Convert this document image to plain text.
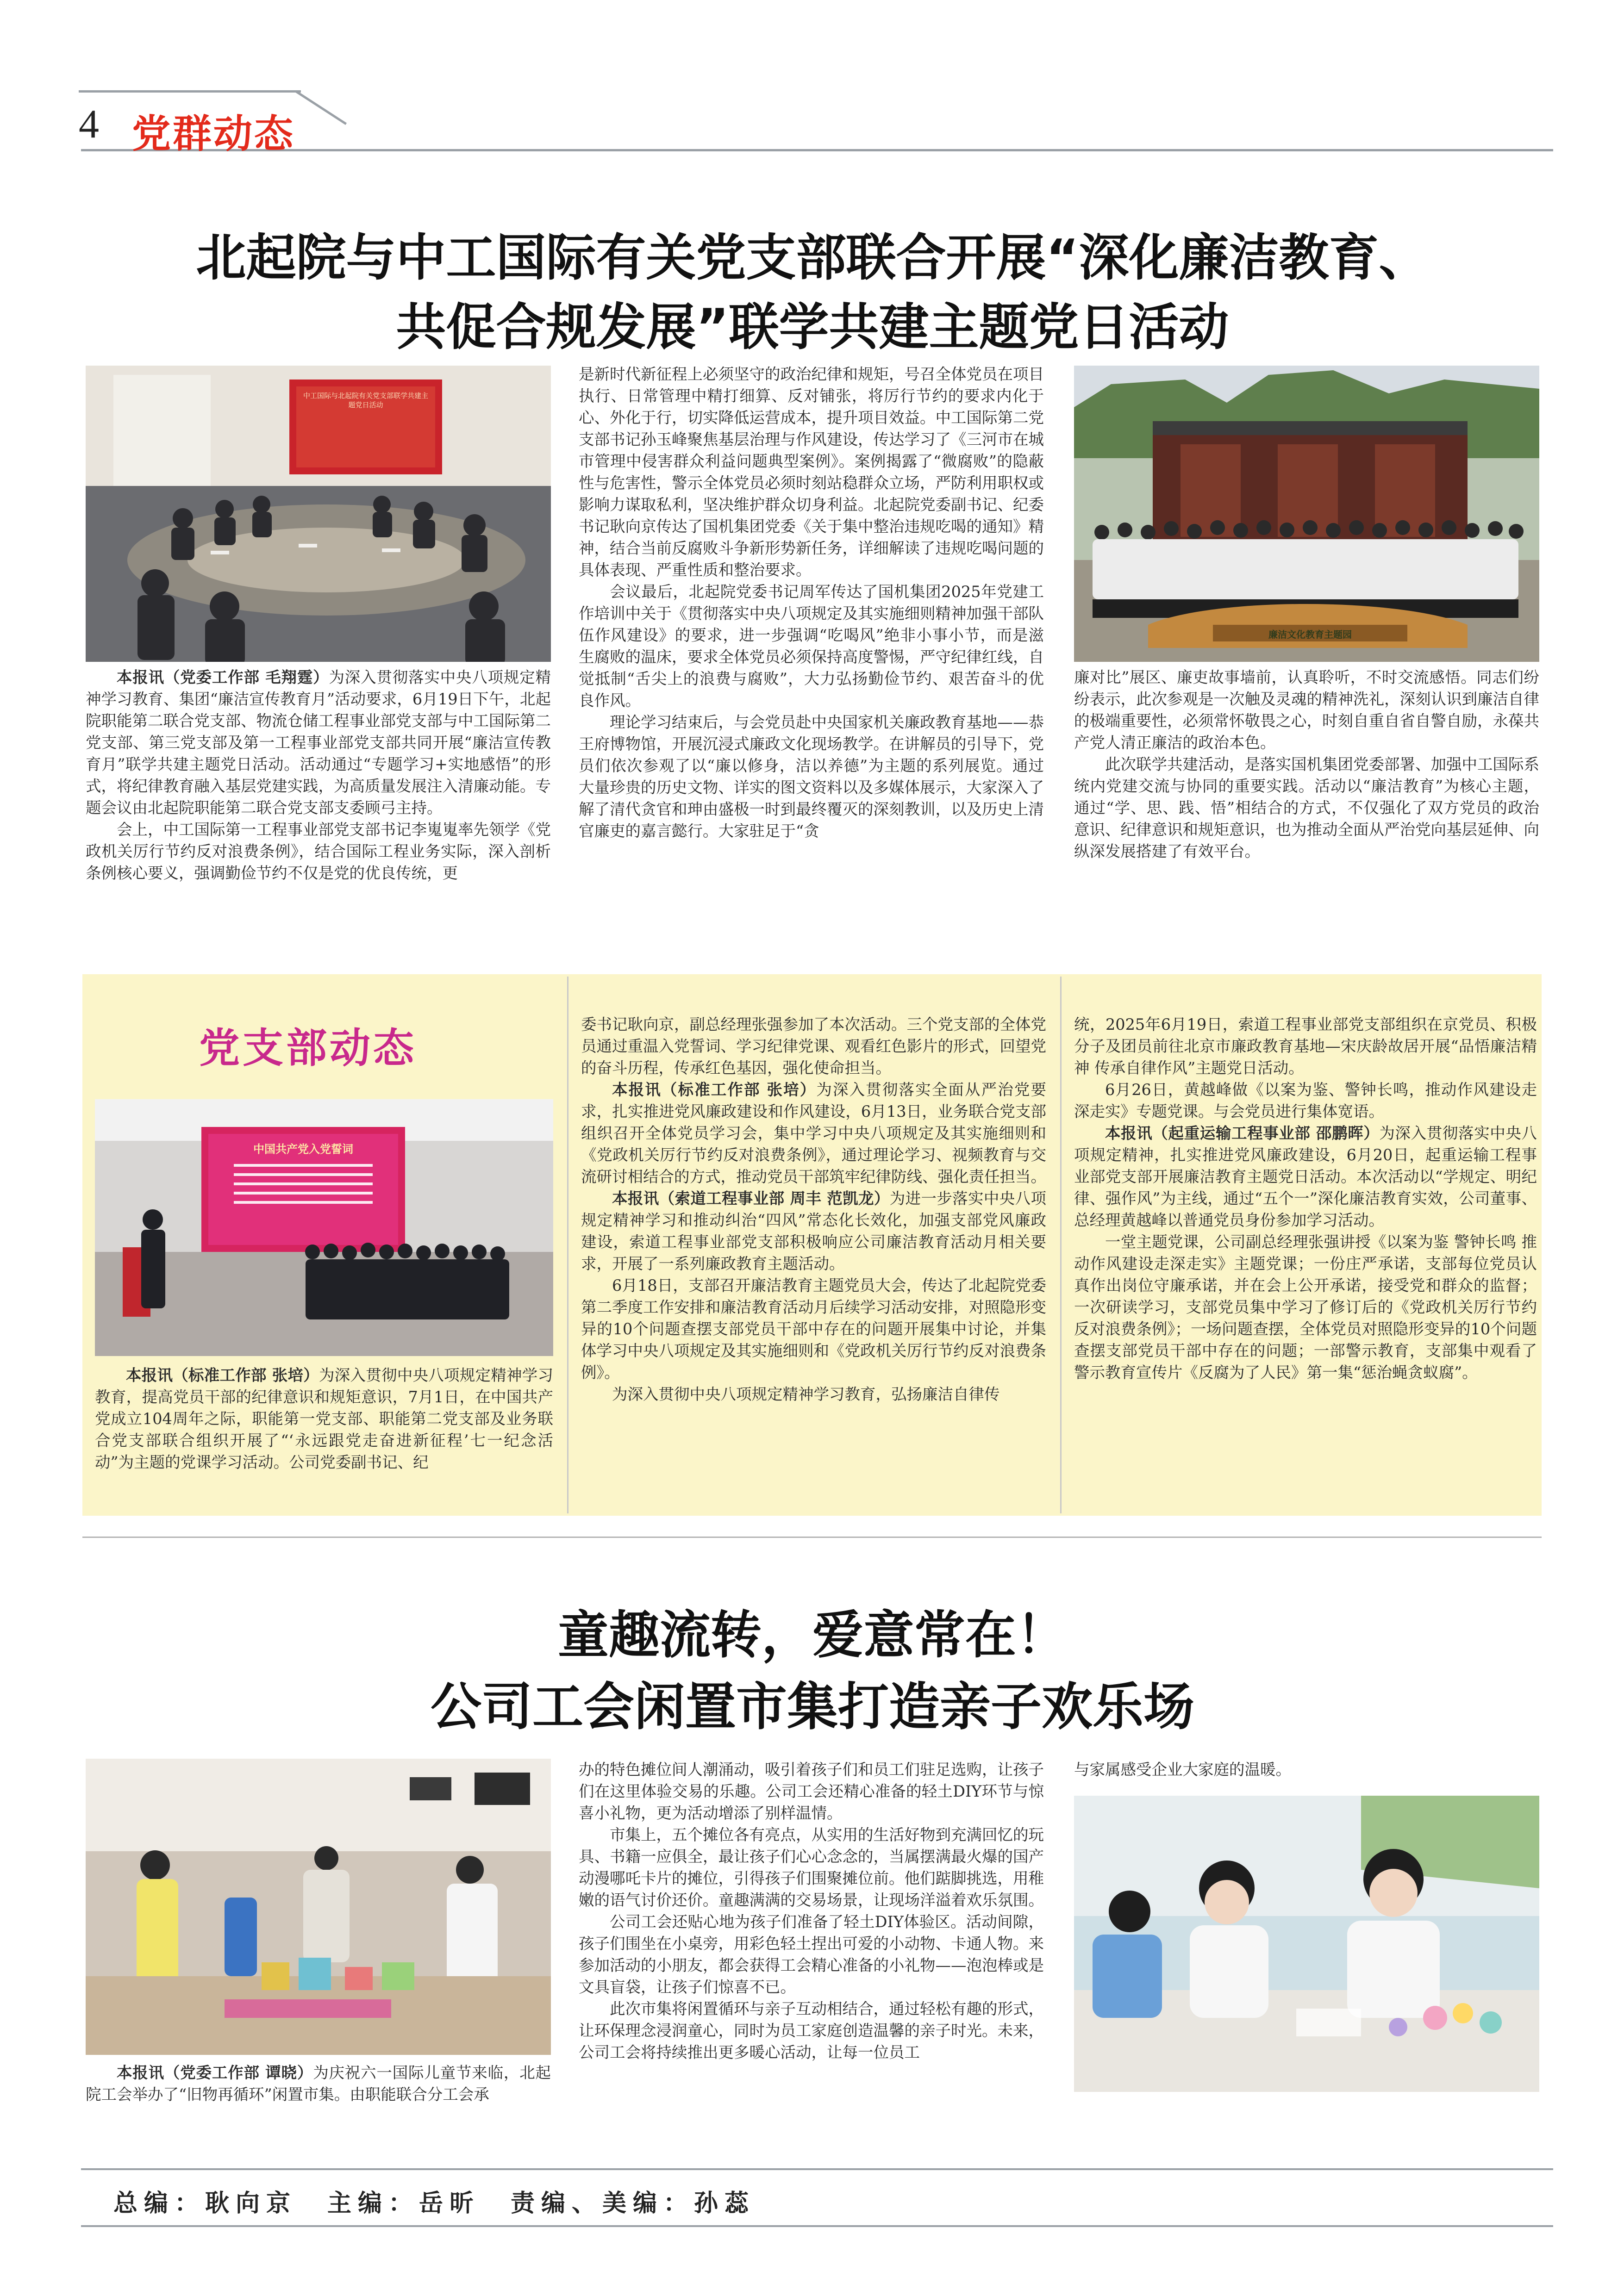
4 党群动态
北起院与中工国际有关党支部联合开展“深化廉洁教育、
共促合规发展”联学共建主题党日活动
中工国际与北起院有关党支部联学共建主题党日活动

本报讯（党委工作部 毛翔霆）为深入贯彻落实中央八项规定精神学习教育、集团“廉洁宣传教育月”活动要求，6月19日下午，北起院职能第二联合党支部、物流仓储工程事业部党支部与中工国际第二党支部、第三党支部及第一工程事业部党支部共同开展“廉洁宣传教育月”联学共建主题党日活动。活动通过“专题学习+实地感悟”的形式，将纪律教育融入基层党建实践，为高质量发展注入清廉动能。专题会议由北起院职能第二联合党支部支委顾弓主持。

会上，中工国际第一工程事业部党支部书记李嵬嵬率先领学《党政机关厉行节约反对浪费条例》，结合国际工程业务实际，深入剖析条例核心要义，强调勤俭节约不仅是党的优良传统，更

是新时代新征程上必须坚守的政治纪律和规矩，号召全体党员在项目执行、日常管理中精打细算、反对铺张，将厉行节约的要求内化于心、外化于行，切实降低运营成本，提升项目效益。中工国际第二党支部书记孙玉峰聚焦基层治理与作风建设，传达学习了《三河市在城市管理中侵害群众利益问题典型案例》。案例揭露了“微腐败”的隐蔽性与危害性，警示全体党员必须时刻站稳群众立场，严防利用职权或影响力谋取私利，坚决维护群众切身利益。北起院党委副书记、纪委书记耿向京传达了国机集团党委《关于集中整治违规吃喝的通知》精神，结合当前反腐败斗争新形势新任务，详细解读了违规吃喝问题的具体表现、严重性质和整治要求。

会议最后，北起院党委书记周军传达了国机集团2025年党建工作培训中关于《贯彻落实中央八项规定及其实施细则精神加强干部队伍作风建设》的要求，进一步强调“吃喝风”绝非小事小节，而是滋生腐败的温床，要求全体党员必须保持高度警惕，严守纪律红线，自觉抵制“舌尖上的浪费与腐败”，大力弘扬勤俭节约、艰苦奋斗的优良作风。

理论学习结束后，与会党员赴中央国家机关廉政教育基地——恭王府博物馆，开展沉浸式廉政文化现场教学。在讲解员的引导下，党员们依次参观了以“廉以修身，洁以养德”为主题的系列展览。通过大量珍贵的历史文物、详实的图文资料以及多媒体展示，大家深入了解了清代贪官和珅由盛极一时到最终覆灭的深刻教训，以及历史上清官廉吏的嘉言懿行。大家驻足于“贪

廉洁文化教育主题园

廉对比”展区、廉吏故事墙前，认真聆听，不时交流感悟。同志们纷纷表示，此次参观是一次触及灵魂的精神洗礼，深刻认识到廉洁自律的极端重要性，必须常怀敬畏之心，时刻自重自省自警自励，永葆共产党人清正廉洁的政治本色。

此次联学共建活动，是落实国机集团党委部署、加强中工国际系统内党建交流与协同的重要实践。活动以“廉洁教育”为核心主题，通过“学、思、践、悟”相结合的方式，不仅强化了双方党员的政治意识、纪律意识和规矩意识，也为推动全面从严治党向基层延伸、向纵深发展搭建了有效平台。

党支部动态
中国共产党入党誓词

本报讯（标准工作部 张培）为深入贯彻中央八项规定精神学习教育，提高党员干部的纪律意识和规矩意识，7月1日，在中国共产党成立104周年之际，职能第一党支部、职能第二党支部及业务联合党支部联合组织开展了“‘永远跟党走奋进新征程’七一纪念活动”为主题的党课学习活动。公司党委副书记、纪

委书记耿向京，副总经理张强参加了本次活动。三个党支部的全体党员通过重温入党誓词、学习纪律党课、观看红色影片的形式，回望党的奋斗历程，传承红色基因，强化使命担当。

本报讯（标准工作部 张培）为深入贯彻落实全面从严治党要求，扎实推进党风廉政建设和作风建设，6月13日，业务联合党支部组织召开全体党员学习会，集中学习中央八项规定及其实施细则和《党政机关厉行节约反对浪费条例》，通过理论学习、视频教育与交流研讨相结合的方式，推动党员干部筑牢纪律防线、强化责任担当。

本报讯（索道工程事业部 周丰 范凯龙）为进一步落实中央八项规定精神学习和推动纠治“四风”常态化长效化，加强支部党风廉政建设，索道工程事业部党支部积极响应公司廉洁教育活动月相关要求，开展了一系列廉政教育主题活动。

6月18日，支部召开廉洁教育主题党员大会，传达了北起院党委第二季度工作安排和廉洁教育活动月后续学习活动安排，对照隐形变异的10个问题查摆支部党员干部中存在的问题开展集中讨论，并集体学习中央八项规定及其实施细则和《党政机关厉行节约反对浪费条例》。

为深入贯彻中央八项规定精神学习教育，弘扬廉洁自律传

统，2025年6月19日，索道工程事业部党支部组织在京党员、积极分子及团员前往北京市廉政教育基地—宋庆龄故居开展“品悟廉洁精神 传承自律作风”主题党日活动。

6月26日，黄越峰做《以案为鉴、警钟长鸣，推动作风建设走深走实》专题党课。与会党员进行集体宽语。

本报讯（起重运输工程事业部 邵鹏晖）为深入贯彻落实中央八项规定精神，扎实推进党风廉政建设，6月20日，起重运输工程事业部党支部开展廉洁教育主题党日活动。本次活动以“学规定、明纪律、强作风”为主线，通过“五个一”深化廉洁教育实效，公司董事、总经理黄越峰以普通党员身份参加学习活动。

一堂主题党课，公司副总经理张强讲授《以案为鉴 警钟长鸣 推动作风建设走深走实》主题党课；一份庄严承诺，支部每位党员认真作出岗位守廉承诺，并在会上公开承诺，接受党和群众的监督；一次研读学习，支部党员集中学习了修订后的《党政机关厉行节约反对浪费条例》；一场问题查摆，全体党员对照隐形变异的10个问题查摆支部党员干部中存在的问题；一部警示教育，支部集中观看了警示教育宣传片《反腐为了人民》第一集“惩治蝇贪蚁腐”。

童趣流转，爱意常在！
公司工会闲置市集打造亲子欢乐场

本报讯（党委工作部 谭晓）为庆祝六一国际儿童节来临，北起院工会举办了“旧物再循环”闲置市集。由职能联合分工会承

办的特色摊位间人潮涌动，吸引着孩子们和员工们驻足选购，让孩子们在这里体验交易的乐趣。公司工会还精心准备的轻土DIY环节与惊喜小礼物，更为活动增添了别样温情。

市集上，五个摊位各有亮点，从实用的生活好物到充满回忆的玩具、书籍一应俱全，最让孩子们心心念念的，当属摆满最火爆的国产动漫哪吒卡片的摊位，引得孩子们围聚摊位前。他们踮脚挑选，用稚嫩的语气讨价还价。童趣满满的交易场景，让现场洋溢着欢乐氛围。

公司工会还贴心地为孩子们准备了轻土DIY体验区。活动间隙，孩子们围坐在小桌旁，用彩色轻土捏出可爱的小动物、卡通人物。来参加活动的小朋友，都会获得工会精心准备的小礼物——泡泡棒或是文具盲袋，让孩子们惊喜不已。

此次市集将闲置循环与亲子互动相结合，通过轻松有趣的形式，让环保理念浸润童心，同时为员工家庭创造温馨的亲子时光。未来，公司工会将持续推出更多暖心活动，让每一位员工

与家属感受企业大家庭的温暖。

总编：耿向京　主编：岳昕　责编、美编：孙蕊
